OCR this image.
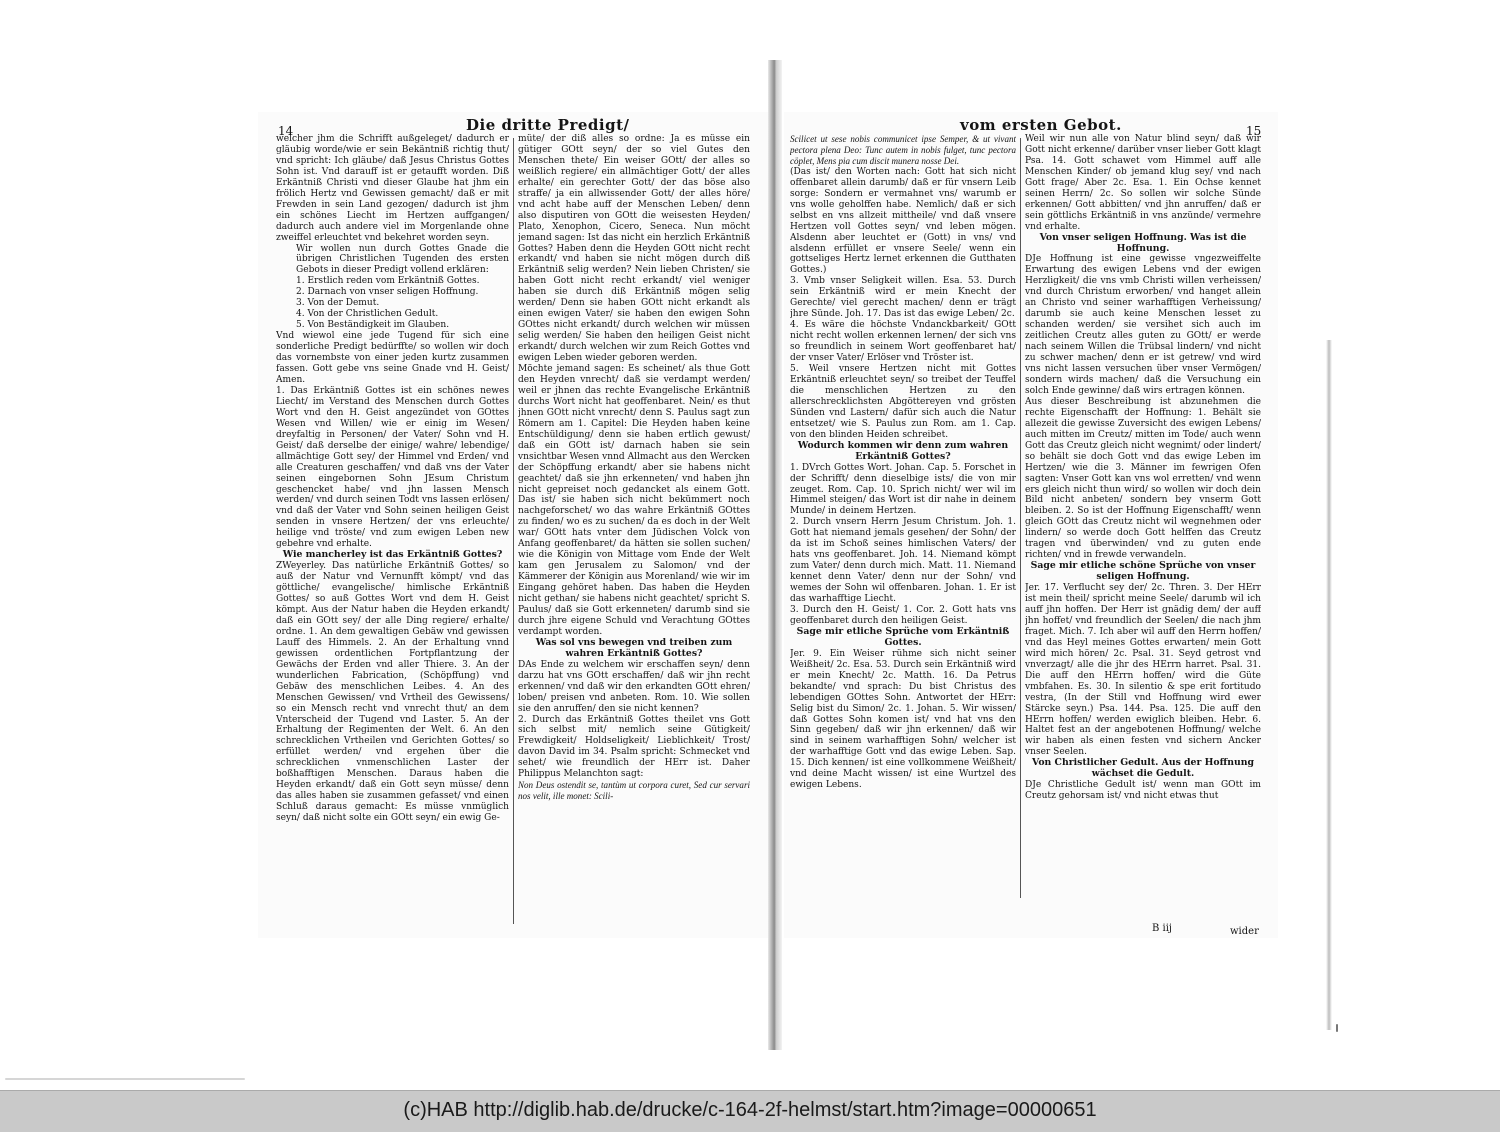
14	Die dritte Predigt/	vom ersten Gebot.	15

welcher jhm die Schrifft außgeleget/ dadurch er gläubig worde/wie er sein Bekäntniß richtig thut/ vnd spricht: Ich gläube/ daß Jesus Christus Gottes Sohn ist. Vnd darauff ist er getaufft worden. Diß Erkäntniß Christi vnd dieser Glaube hat jhm ein frölich Hertz vnd Gewissen gemacht/ daß er mit Frewden in sein Land gezogen/ dadurch ist jhm ein schönes Liecht im Hertzen auffgangen/ dadurch auch andere viel im Morgenlande ohne zweiffel erleuchtet vnd bekehret worden seyn.

Wir wollen nun durch Gottes Gnade die übrigen Christlichen Tugenden des ersten Gebots in dieser Predigt vollend erklären:

1. Erstlich reden vom Erkäntniß Gottes.

2. Darnach von vnser seligen Hoffnung.

3. Von der Demut.

4. Von der Christlichen Gedult.

5. Von Beständigkeit im Glauben.

Vnd wiewol eine jede Tugend für sich eine sonderliche Predigt bedürffte/ so wollen wir doch das vornembste von einer jeden kurtz zusammen fassen. Gott gebe vns seine Gnade vnd H. Geist/ Amen.

1. Das Erkäntniß Gottes ist ein schönes newes Liecht/ im Verstand des Menschen durch Gottes Wort vnd den H. Geist angezündet von GOttes Wesen vnd Willen/ wie er einig im Wesen/ dreyfaltig in Personen/ der Vater/ Sohn vnd H. Geist/ daß derselbe der einige/ wahre/ lebendige/ allmächtige Gott sey/ der Himmel vnd Erden/ vnd alle Creaturen geschaffen/ vnd daß vns der Vater seinen eingebornen Sohn JEsum Christum geschencket habe/ vnd jhn lassen Mensch werden/ vnd durch seinen Todt vns lassen erlösen/ vnd daß der Vater vnd Sohn seinen heiligen Geist senden in vnsere Hertzen/ der vns erleuchte/ heilige vnd tröste/ vnd zum ewigen Leben new gebehre vnd erhalte.

Wie mancherley ist das Erkäntniß Gottes?

ZWeyerley. Das natürliche Erkäntniß Gottes/ so auß der Natur vnd Vernunfft kömpt/ vnd das göttliche/ evangelische/ himlische Erkäntniß Gottes/ so auß Gottes Wort vnd dem H. Geist kömpt. Aus der Natur haben die Heyden erkandt/ daß ein GOtt sey/ der alle Ding regiere/ erhalte/ ordne. 1. An dem gewaltigen Gebäw vnd gewissen Lauff des Himmels. 2. An der Erhaltung vnnd gewissen ordentlichen Fortpflantzung der Gewächs der Erden vnd aller Thiere. 3. An der wunderlichen Fabrication, (Schöpffung) vnd Gebäw des menschlichen Leibes. 4. An des Menschen Gewissen/ vnd Vrtheil des Gewissens/ so ein Mensch recht vnd vnrecht thut/ an dem Vnterscheid der Tugend vnd Laster. 5. An der Erhaltung der Regimenten der Welt. 6. An den schrecklichen Vrtheilen vnd Gerichten Gottes/ so erfüllet werden/ vnd ergehen über die schrecklichen vnmenschlichen Laster der boßhafftigen Menschen. Daraus haben die Heyden erkandt/ daß ein Gott seyn müsse/ denn das alles haben sie zusammen gefasset/ vnd einen Schluß daraus gemacht: Es müsse vnmüglich seyn/ daß nicht solte ein GOtt seyn/ ein ewig Ge-

müte/ der diß alles so ordne: Ja es müsse ein gütiger GOtt seyn/ der so viel Gutes den Menschen thete/ Ein weiser GOtt/ der alles so weißlich regiere/ ein allmächtiger Gott/ der alles erhalte/ ein gerechter Gott/ der das böse also straffe/ ja ein allwissender Gott/ der alles höre/ vnd acht habe auff der Menschen Leben/ denn also disputiren von GOtt die weisesten Heyden/ Plato, Xenophon, Cicero, Seneca. Nun möcht jemand sagen: Ist das nicht ein herzlich Erkäntniß Gottes? Haben denn die Heyden GOtt nicht recht erkandt/ vnd haben sie nicht mögen durch diß Erkäntniß selig werden? Nein lieben Christen/ sie haben Gott nicht recht erkandt/ viel weniger haben sie durch diß Erkäntniß mögen selig werden/ Denn sie haben GOtt nicht erkandt als einen ewigen Vater/ sie haben den ewigen Sohn GOttes nicht erkandt/ durch welchen wir müssen selig werden/ Sie haben den heiligen Geist nicht erkandt/ durch welchen wir zum Reich Gottes vnd ewigen Leben wieder geboren werden.

Möchte jemand sagen: Es scheinet/ als thue Gott den Heyden vnrecht/ daß sie verdampt werden/ weil er jhnen das rechte Evangelische Erkäntniß durchs Wort nicht hat geoffenbaret. Nein/ es thut jhnen GOtt nicht vnrecht/ denn S. Paulus sagt zun Römern am 1. Capitel: Die Heyden haben keine Entschüldigung/ denn sie haben ertlich gewust/ daß ein GOtt ist/ darnach haben sie sein vnsichtbar Wesen vnnd Allmacht aus den Wercken der Schöpffung erkandt/ aber sie habens nicht geachtet/ daß sie jhn erkenneten/ vnd haben jhn nicht gepreiset noch gedancket als einem Gott. Das ist/ sie haben sich nicht bekümmert noch nachgeforschet/ wo das wahre Erkäntniß GOttes zu finden/ wo es zu suchen/ da es doch in der Welt war/ GOtt hats vnter dem Jüdischen Volck von Anfang geoffenbaret/ da hätten sie sollen suchen/ wie die Königin von Mittage vom Ende der Welt kam gen Jerusalem zu Salomon/ vnd der Kämmerer der Königin aus Morenland/ wie wir im Eingang gehöret haben. Das haben die Heyden nicht gethan/ sie habens nicht geachtet/ spricht S. Paulus/ daß sie Gott erkenneten/ darumb sind sie durch jhre eigene Schuld vnd Verachtung GOttes verdampt worden.

Was sol vns bewegen vnd treiben zum wahren Erkäntniß Gottes?

DAs Ende zu welchem wir erschaffen seyn/ denn darzu hat vns GOtt erschaffen/ daß wir jhn recht erkennen/ vnd daß wir den erkandten GOtt ehren/ loben/ preisen vnd anbeten. Rom. 10. Wie sollen sie den anruffen/ den sie nicht kennen?

2. Durch das Erkäntniß Gottes theilet vns Gott sich selbst mit/ nemlich seine Gütigkeit/ Frewdigkeit/ Holdseligkeit/ Lieblichkeit/ Trost/ davon David im 34. Psalm spricht: Schmecket vnd sehet/ wie freundlich der HErr ist. Daher Philippus Melanchton sagt:

Non Deus ostendit se, tantùm ut corpora curet, Sed cur servari nos velit, ille monet: Scili-

Scilicet ut sese nobis communicet ipse Semper, & ut vivant pectora plena Deo: Tunc autem in nobis fulget, tunc pectora cöplet, Mens pia cum discit munera nosse Dei.

(Das ist/ den Worten nach: Gott hat sich nicht offenbaret allein darumb/ daß er für vnsern Leib sorge: Sondern er vermahnet vns/ warumb er vns wolle geholffen habe. Nemlich/ daß er sich selbst en vns allzeit mittheile/ vnd daß vnsere Hertzen voll Gottes seyn/ vnd leben mögen. Alsdenn aber leuchtet er (Gott) in vns/ vnd alsdenn erfüllet er vnsere Seele/ wenn ein gottseliges Hertz lernet erkennen die Gutthaten Gottes.)

3. Vmb vnser Seligkeit willen. Esa. 53. Durch sein Erkäntniß wird er mein Knecht der Gerechte/ viel gerecht machen/ denn er trägt jhre Sünde. Joh. 17. Das ist das ewige Leben/ 2c.

4. Es wäre die höchste Vndanckbarkeit/ GOtt nicht recht wollen erkennen lernen/ der sich vns so freundlich in seinem Wort geoffenbaret hat/ der vnser Vater/ Erlöser vnd Tröster ist.

5. Weil vnsere Hertzen nicht mit Gottes Erkäntniß erleuchtet seyn/ so treibet der Teuffel die menschlichen Hertzen zu den allerschrecklichsten Abgöttereyen vnd grösten Sünden vnd Lastern/ dafür sich auch die Natur entsetzet/ wie S. Paulus zun Rom. am 1. Cap. von den blinden Heiden schreibet.

Wodurch kommen wir denn zum wahren Erkäntniß Gottes?

1. DVrch Gottes Wort. Johan. Cap. 5. Forschet in der Schrifft/ denn dieselbige ists/ die von mir zeuget. Rom. Cap. 10. Sprich nicht/ wer wil im Himmel steigen/ das Wort ist dir nahe in deinem Munde/ in deinem Hertzen.

2. Durch vnsern Herrn Jesum Christum. Joh. 1. Gott hat niemand jemals gesehen/ der Sohn/ der da ist im Schoß seines himlischen Vaters/ der hats vns geoffenbaret. Joh. 14. Niemand kömpt zum Vater/ denn durch mich. Matt. 11. Niemand kennet denn Vater/ denn nur der Sohn/ vnd wemes der Sohn wil offenbaren. Johan. 1. Er ist das warhafftige Liecht.

3. Durch den H. Geist/ 1. Cor. 2. Gott hats vns geoffenbaret durch den heiligen Geist.

Sage mir etliche Sprüche vom Erkäntniß Gottes.

Jer. 9. Ein Weiser rühme sich nicht seiner Weißheit/ 2c. Esa. 53. Durch sein Erkäntniß wird er mein Knecht/ 2c. Matth. 16. Da Petrus bekandte/ vnd sprach: Du bist Christus des lebendigen GOttes Sohn. Antwortet der HErr: Selig bist du Simon/ 2c. 1. Johan. 5. Wir wissen/ daß Gottes Sohn komen ist/ vnd hat vns den Sinn gegeben/ daß wir jhn erkennen/ daß wir sind in seinem warhafftigen Sohn/ welcher ist der warhafftige Gott vnd das ewige Leben. Sap. 15. Dich kennen/ ist eine vollkommene Weißheit/ vnd deine Macht wissen/ ist eine Wurtzel des ewigen Lebens.

Weil wir nun alle von Natur blind seyn/ daß wir Gott nicht erkenne/ darüber vnser lieber Gott klagt Psa. 14. Gott schawet vom Himmel auff alle Menschen Kinder/ ob jemand klug sey/ vnd nach Gott frage/ Aber 2c. Esa. 1. Ein Ochse kennet seinen Herrn/ 2c. So sollen wir solche Sünde erkennen/ Gott abbitten/ vnd jhn anruffen/ daß er sein göttlichs Erkäntniß in vns anzünde/ vermehre vnd erhalte.

Von vnser seligen Hoffnung. Was ist die Hoffnung.

DJe Hoffnung ist eine gewisse vngezweiffelte Erwartung des ewigen Lebens vnd der ewigen Herzligkeit/ die vns vmb Christi willen verheissen/ vnd durch Christum erworben/ vnd hanget allein an Christo vnd seiner warhafftigen Verheissung/ darumb sie auch keine Menschen lesset zu schanden werden/ sie versihet sich auch im zeitlichen Creutz alles guten zu GOtt/ er werde nach seinem Willen die Trübsal lindern/ vnd nicht zu schwer machen/ denn er ist getrew/ vnd wird vns nicht lassen versuchen über vnser Vermögen/ sondern wirds machen/ daß die Versuchung ein solch Ende gewinne/ daß wirs ertragen können.

Aus dieser Beschreibung ist abzunehmen die rechte Eigenschafft der Hoffnung: 1. Behält sie allezeit die gewisse Zuversicht des ewigen Lebens/ auch mitten im Creutz/ mitten im Tode/ auch wenn Gott das Creutz gleich nicht wegnimt/ oder lindert/ so behält sie doch Gott vnd das ewige Leben im Hertzen/ wie die 3. Männer im fewrigen Ofen sagten: Vnser Gott kan vns wol erretten/ vnd wenn ers gleich nicht thun wird/ so wollen wir doch dein Bild nicht anbeten/ sondern bey vnserm Gott bleiben. 2. So ist der Hoffnung Eigenschafft/ wenn gleich GOtt das Creutz nicht wil wegnehmen oder lindern/ so werde doch Gott helffen das Creutz tragen vnd überwinden/ vnd zu guten ende richten/ vnd in frewde verwandeln.

Sage mir etliche schöne Sprüche von vnser seligen Hoffnung.

Jer. 17. Verflucht sey der/ 2c. Thren. 3. Der HErr ist mein theil/ spricht meine Seele/ darumb wil ich auff jhn hoffen. Der Herr ist gnädig dem/ der auff jhn hoffet/ vnd freundlich der Seelen/ die nach jhm fraget. Mich. 7. Ich aber wil auff den Herrn hoffen/ vnd das Heyl meines Gottes erwarten/ mein Gott wird mich hören/ 2c. Psal. 31. Seyd getrost vnd vnverzagt/ alle die jhr des HErrn harret. Psal. 31. Die auff den HErrn hoffen/ wird die Güte vmbfahen. Es. 30. In silentio & spe erit fortitudo vestra, (In der Still vnd Hoffnung wird ewer Stärcke seyn.) Psa. 144. Psa. 125. Die auff den HErrn hoffen/ werden ewiglich bleiben. Hebr. 6. Haltet fest an der angebotenen Hoffnung/ welche wir haben als einen festen vnd sichern Ancker vnser Seelen.

Von Christlicher Gedult. Aus der Hoffnung wächset die Gedult.

DJe Christliche Gedult ist/ wenn man GOtt im Creutz gehorsam ist/ vnd nicht etwas thut

B iij	wider
(c)HAB http://diglib.hab.de/drucke/c-164-2f-helmst/start.htm?image=00000651
